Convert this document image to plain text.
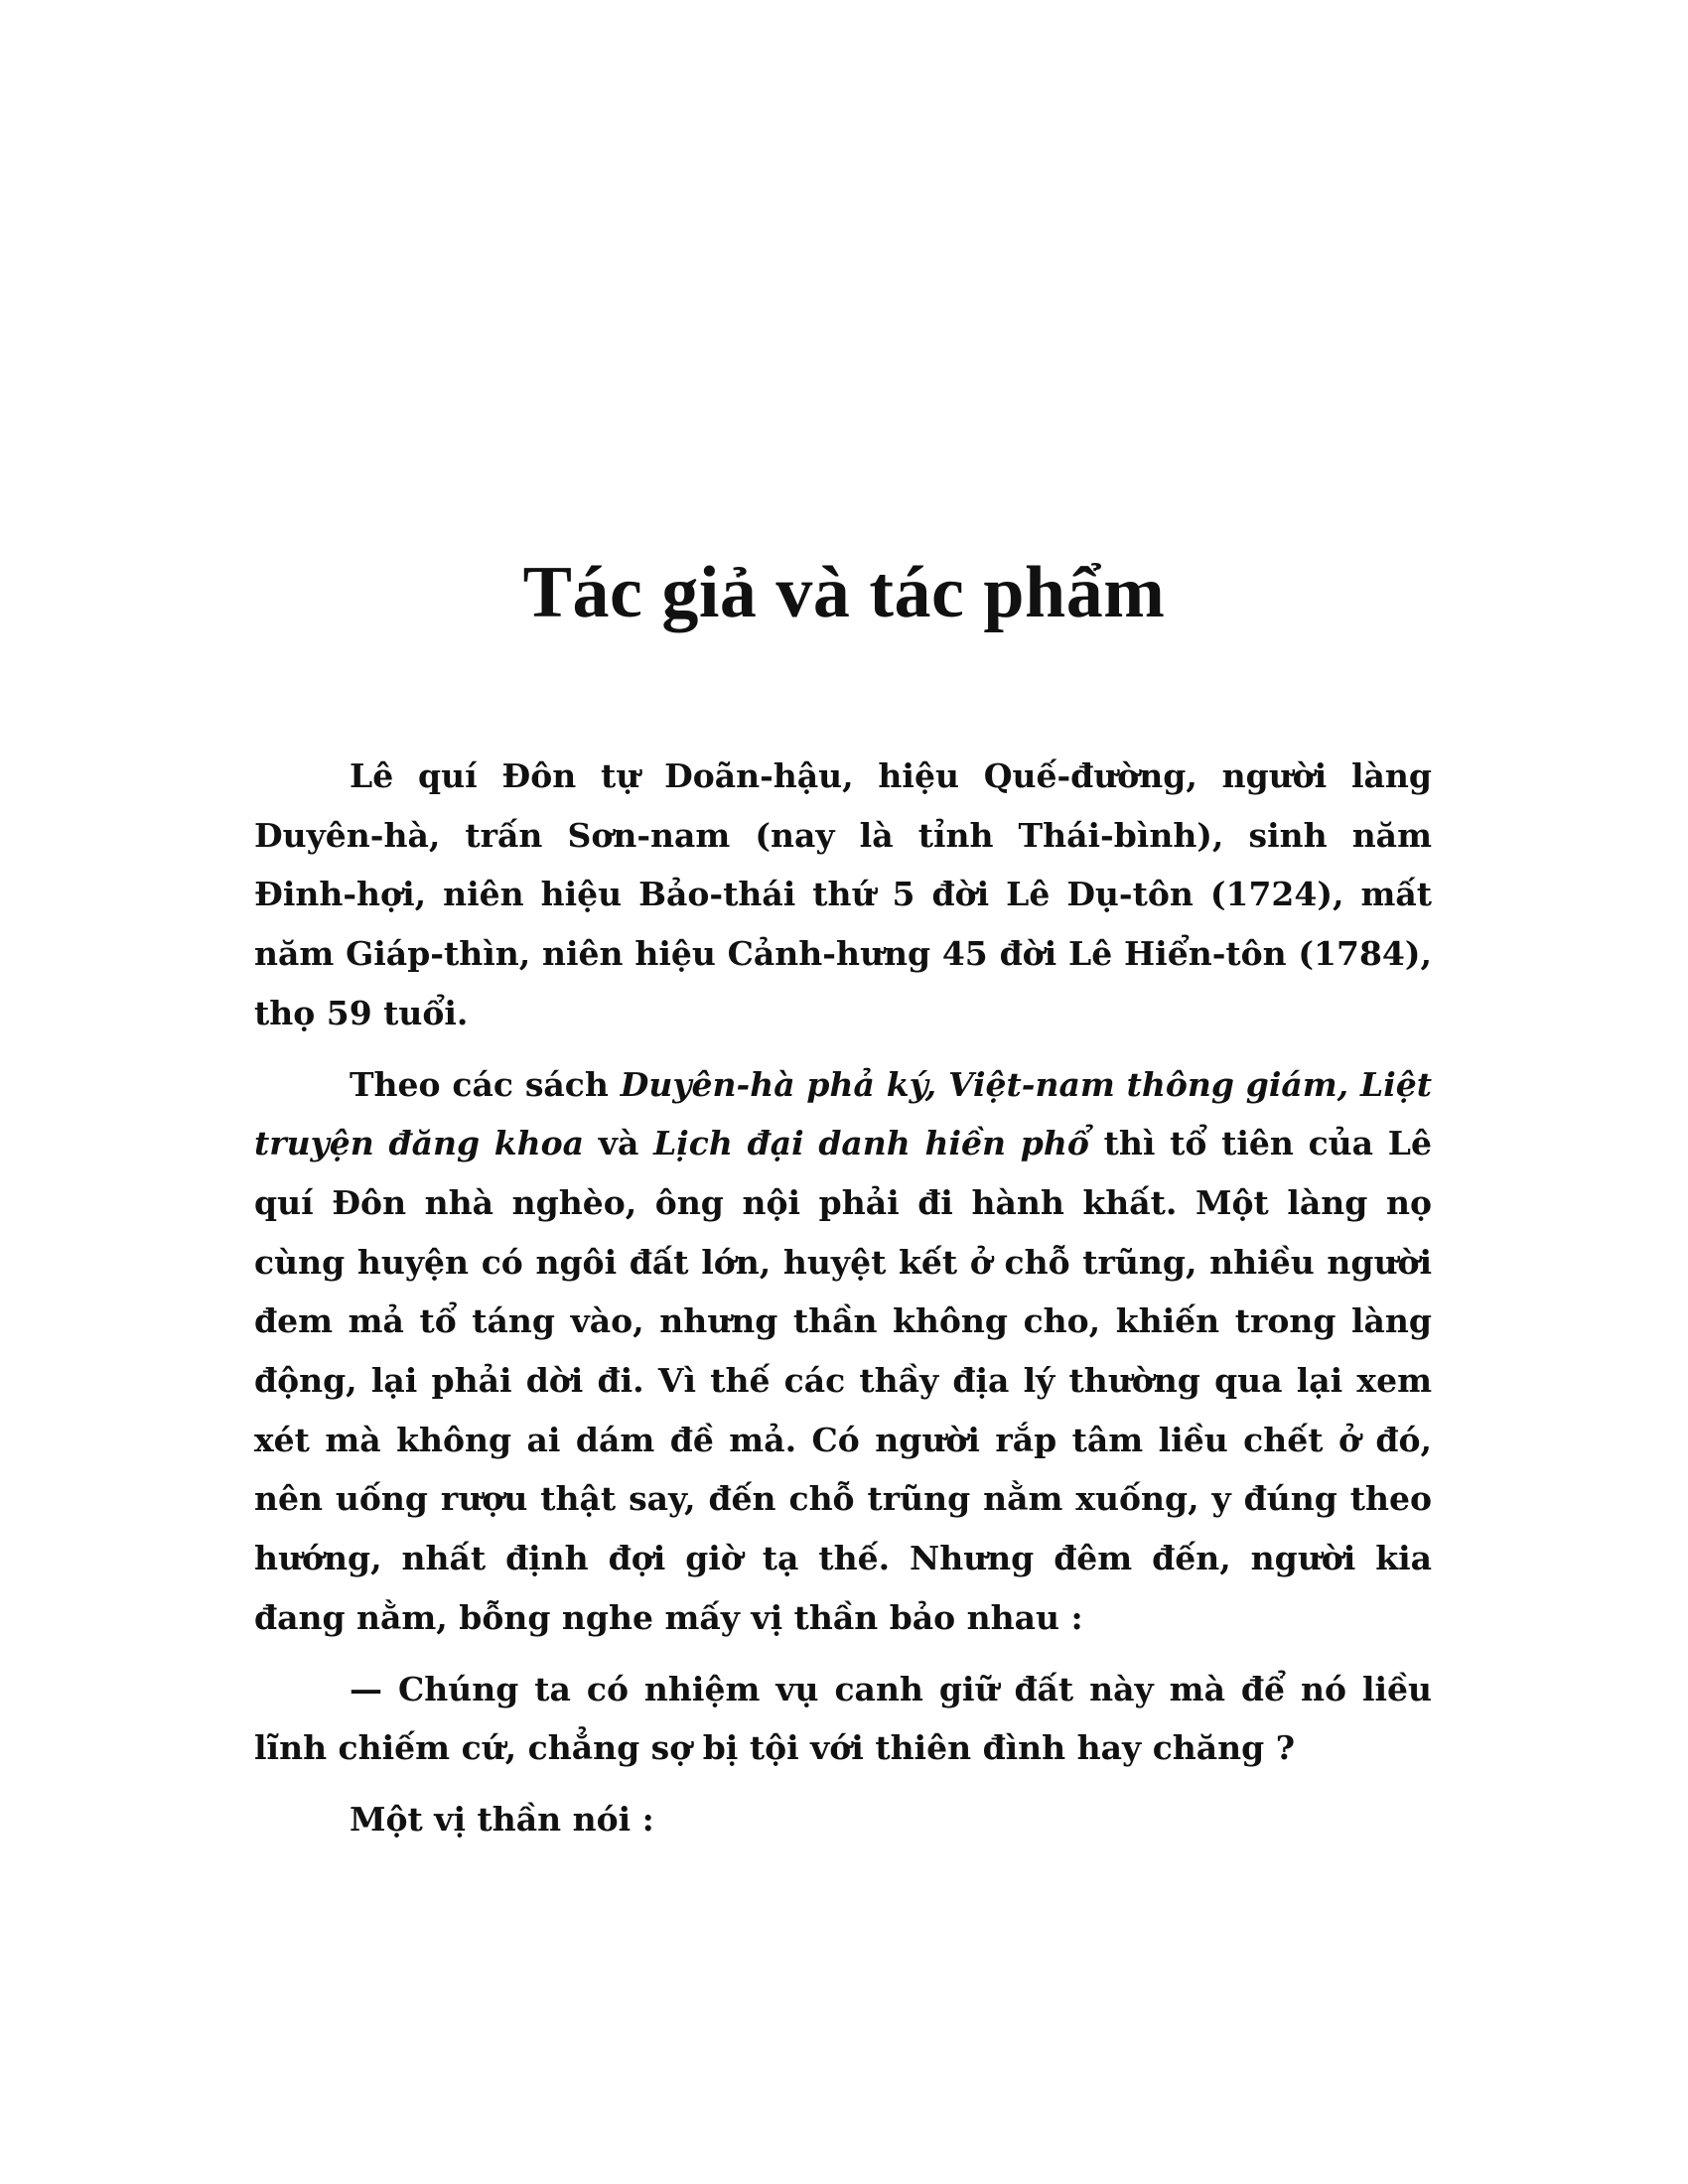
Tác giả và tác phẩm

Lê quí Đôn tự Doãn-hậu, hiệu Quế-đường, người làng Duyên-hà, trấn Sơn-nam (nay là tỉnh Thái-bình), sinh năm Đinh-hợi, niên hiệu Bảo-thái thứ 5 đời Lê Dụ-tôn (1724), mất năm Giáp-thìn, niên hiệu Cảnh-hưng 45 đời Lê Hiển-tôn (1784), thọ 59 tuổi.

Theo các sách Duyên-hà phả ký, Việt-nam thông giám, Liệt truyện đăng khoa và Lịch đại danh hiền phổ thì tổ tiên của Lê quí Đôn nhà nghèo, ông nội phải đi hành khất. Một làng nọ cùng huyện có ngôi đất lớn, huyệt kết ở chỗ trũng, nhiều người đem mả tổ táng vào, nhưng thần không cho, khiến trong làng động, lại phải dời đi. Vì thế các thầy địa lý thường qua lại xem xét mà không ai dám đề mả. Có người rắp tâm liều chết ở đó, nên uống rượu thật say, đến chỗ trũng nằm xuống, y đúng theo hướng, nhất định đợi giờ tạ thế. Nhưng đêm đến, người kia đang nằm, bỗng nghe mấy vị thần bảo nhau :

— Chúng ta có nhiệm vụ canh giữ đất này mà để nó liều lĩnh chiếm cứ, chẳng sợ bị tội với thiên đình hay chăng ?

Một vị thần nói :
